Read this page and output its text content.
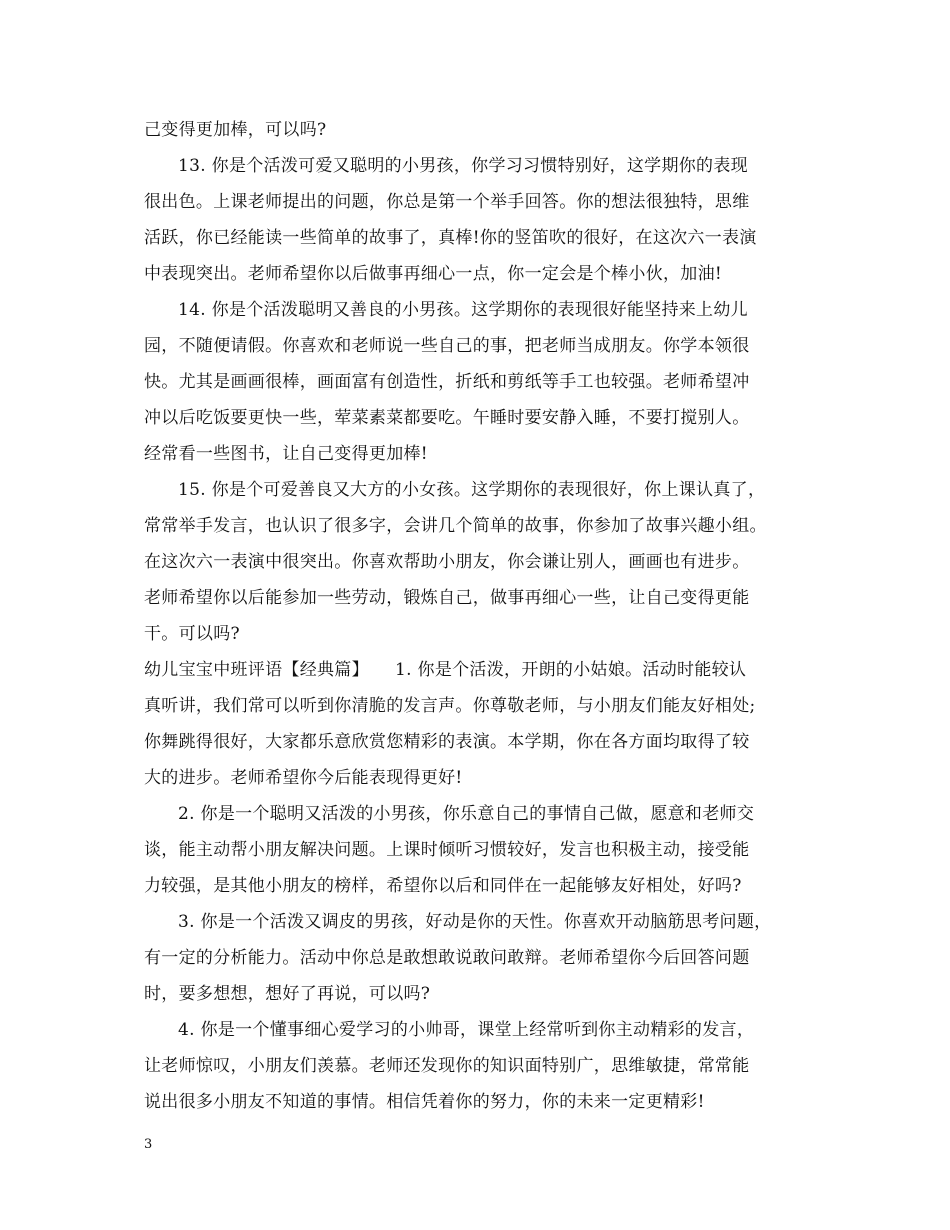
己变得更加棒，可以吗?

13. 你是个活泼可爱又聪明的小男孩，你学习习惯特别好，这学期你的表现
很出色。上课老师提出的问题，你总是第一个举手回答。你的想法很独特，思维
活跃，你已经能读一些简单的故事了，真棒!你的竖笛吹的很好，在这次六一表演
中表现突出。老师希望你以后做事再细心一点，你一定会是个棒小伙，加油!

14. 你是个活泼聪明又善良的小男孩。这学期你的表现很好能坚持来上幼儿
园，不随便请假。你喜欢和老师说一些自己的事，把老师当成朋友。你学本领很
快。尤其是画画很棒，画面富有创造性，折纸和剪纸等手工也较强。老师希望冲
冲以后吃饭要更快一些，荤菜素菜都要吃。午睡时要安静入睡，不要打搅别人。
经常看一些图书，让自己变得更加棒!

15. 你是个可爱善良又大方的小女孩。这学期你的表现很好，你上课认真了，
常常举手发言，也认识了很多字，会讲几个简单的故事，你参加了故事兴趣小组。
在这次六一表演中很突出。你喜欢帮助小朋友，你会谦让别人，画画也有进步。
老师希望你以后能参加一些劳动，锻炼自己，做事再细心一些，让自己变得更能
干。可以吗?

幼儿宝宝中班评语【经典篇】　　1. 你是个活泼，开朗的小姑娘。活动时能较认
真听讲，我们常可以听到你清脆的发言声。你尊敬老师，与小朋友们能友好相处;
你舞跳得很好，大家都乐意欣赏您精彩的表演。本学期，你在各方面均取得了较
大的进步。老师希望你今后能表现得更好!

2. 你是一个聪明又活泼的小男孩，你乐意自己的事情自己做，愿意和老师交
谈，能主动帮小朋友解决问题。上课时倾听习惯较好，发言也积极主动，接受能
力较强，是其他小朋友的榜样，希望你以后和同伴在一起能够友好相处，好吗?

3. 你是一个活泼又调皮的男孩，好动是你的天性。你喜欢开动脑筋思考问题，
有一定的分析能力。活动中你总是敢想敢说敢问敢辩。老师希望你今后回答问题
时，要多想想，想好了再说，可以吗?

4. 你是一个懂事细心爱学习的小帅哥，课堂上经常听到你主动精彩的发言，
让老师惊叹，小朋友们羡慕。老师还发现你的知识面特别广，思维敏捷，常常能
说出很多小朋友不知道的事情。相信凭着你的努力，你的未来一定更精彩!

3
